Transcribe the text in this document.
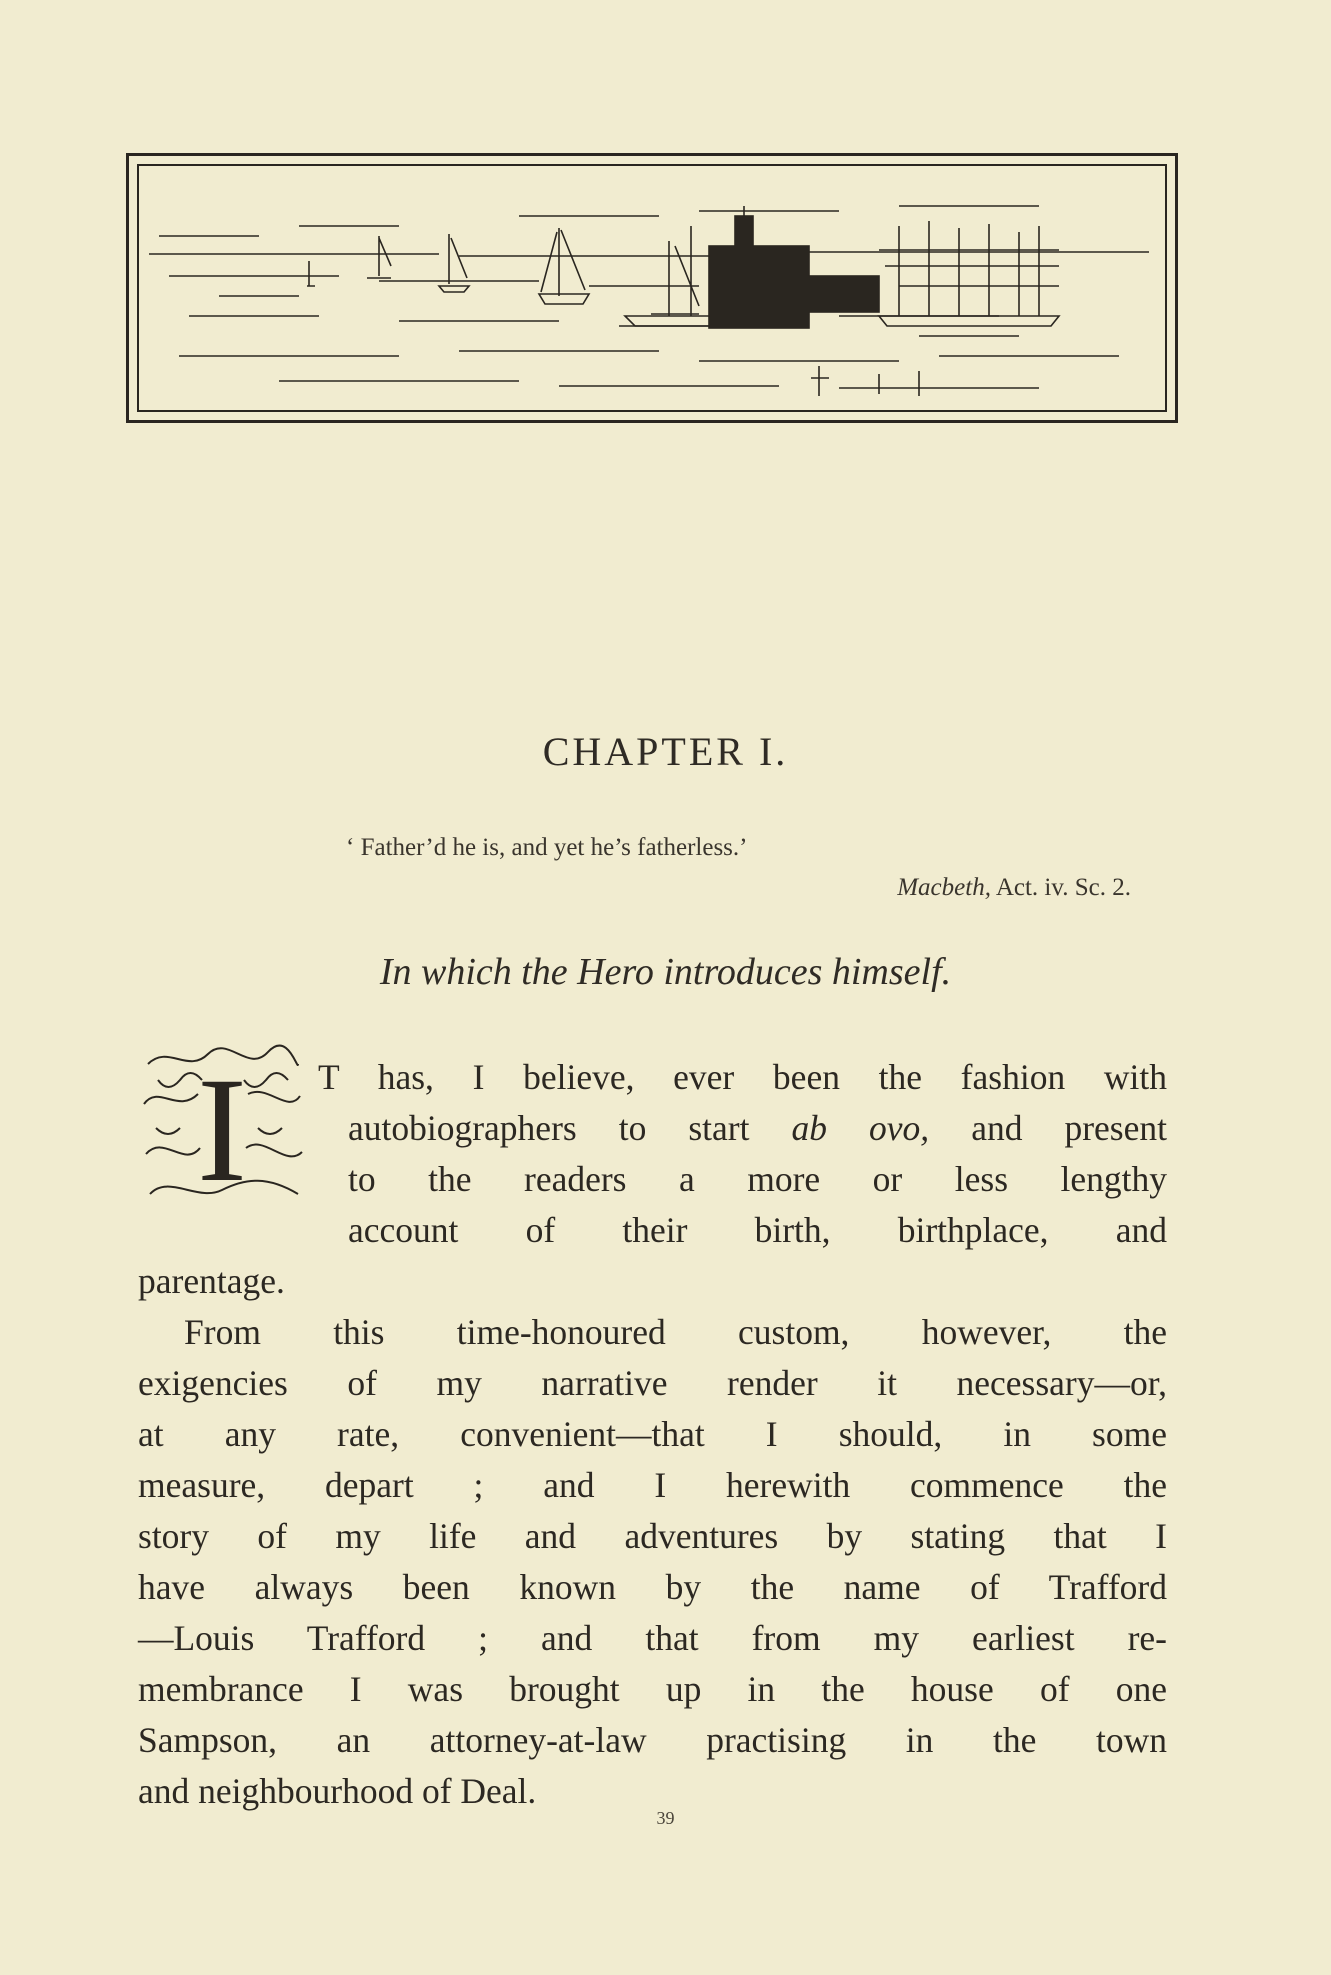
CHAPTER I.
‘ Father’d he is, and yet he’s fatherless.’
Macbeth, Act. iv. Sc. 2.
In which the Hero introduces himself.
I T has, I believe, ever been the fashion with
autobiographers to start ab ovo, and present
to the readers a more or less lengthy
account of their birth, birthplace, and
parentage.
From this time-honoured custom, however, the
exigencies of my narrative render it necessary—or,
at any rate, convenient—that I should, in some
measure, depart ; and I herewith commence the
story of my life and adventures by stating that I
have always been known by the name of Trafford
—Louis Trafford ; and that from my earliest re-
membrance I was brought up in the house of one
Sampson, an attorney-at-law practising in the town
and neighbourhood of Deal.
39
